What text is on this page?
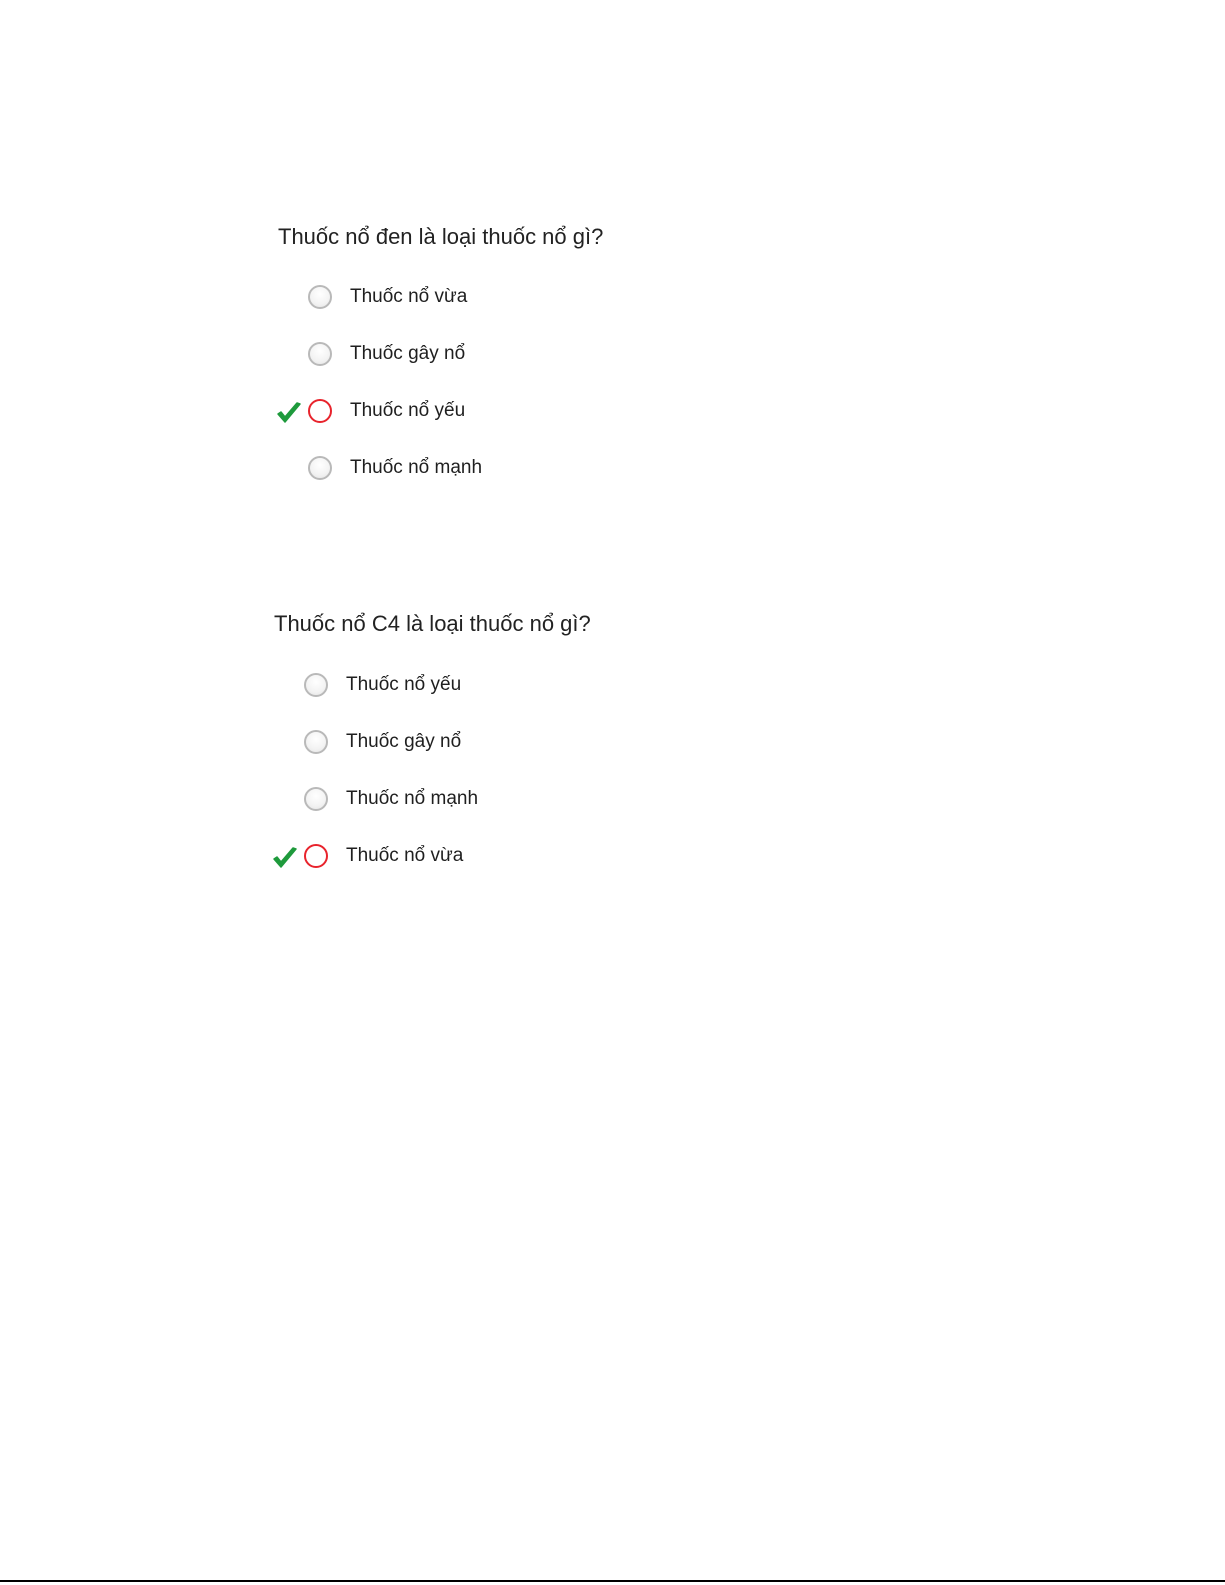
Thuốc nổ đen là loại thuốc nổ gì?
Thuốc nổ vừa
Thuốc gây nổ
Thuốc nổ yếu
Thuốc nổ mạnh
Thuốc nổ C4 là loại thuốc nổ gì?
Thuốc nổ yếu
Thuốc gây nổ
Thuốc nổ mạnh
Thuốc nổ vừa
